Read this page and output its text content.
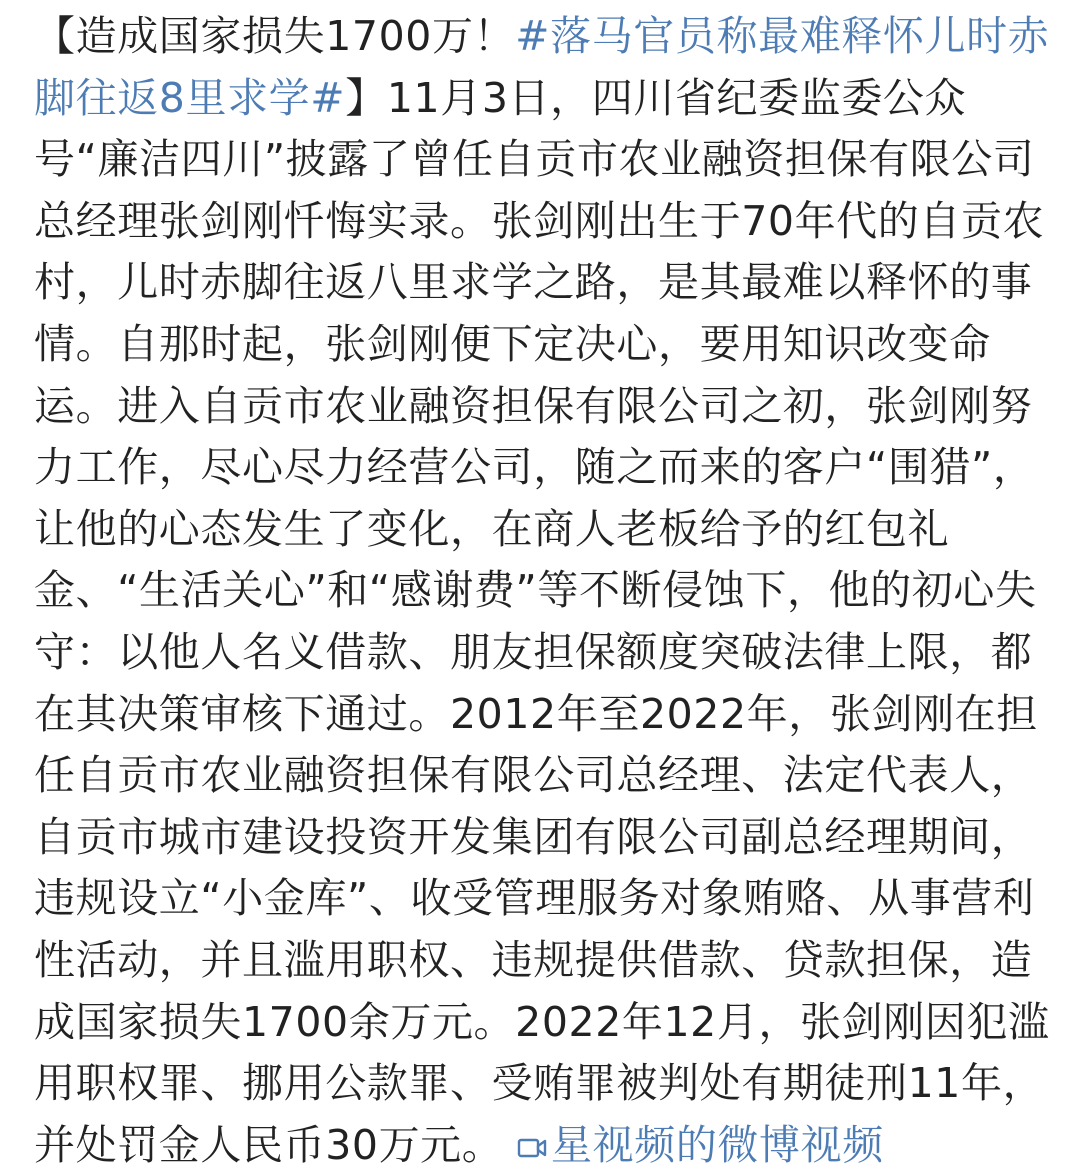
【造成国家损失1700万！#落马官员称最难释怀儿时赤脚往返8里求学#】11月3日，四川省纪委监委公众号“廉洁四川”披露了曾任自贡市农业融资担保有限公司总经理张剑刚忏悔实录。张剑刚出生于70年代的自贡农村，儿时赤脚往返八里求学之路，是其最难以释怀的事情。自那时起，张剑刚便下定决心，要用知识改变命运。进入自贡市农业融资担保有限公司之初，张剑刚努力工作，尽心尽力经营公司，随之而来的客户“围猎”，让他的心态发生了变化，在商人老板给予的红包礼金、“生活关心”和“感谢费”等不断侵蚀下，他的初心失守：以他人名义借款、朋友担保额度突破法律上限，都在其决策审核下通过。2012年至2022年，张剑刚在担任自贡市农业融资担保有限公司总经理、法定代表人，自贡市城市建设投资开发集团有限公司副总经理期间，违规设立“小金库”、收受管理服务对象贿赂、从事营利性活动，并且滥用职权、违规提供借款、贷款担保，造成国家损失1700余万元。2022年12月，张剑刚因犯滥用职权罪、挪用公款罪、受贿罪被判处有期徒刑11年，并处罚金人民币30万元。 星视频的微博视频
